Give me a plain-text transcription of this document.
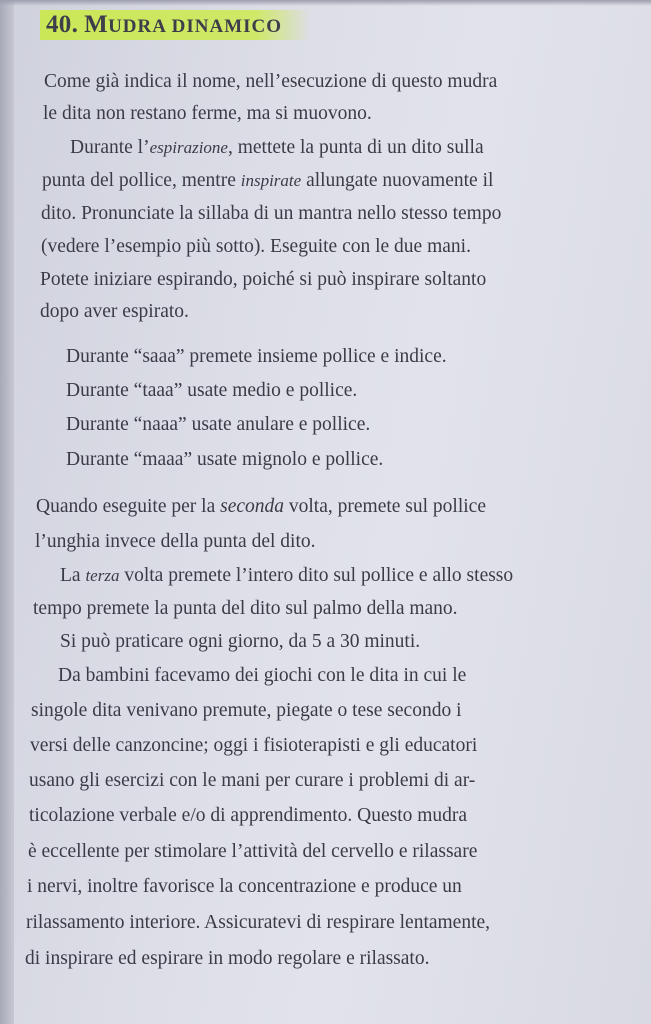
40. MUDRA DINAMICO
Come già indica il nome, nell’esecuzione di questo mudra
le dita non restano ferme, ma si muovono.
Durante l’espirazione, mettete la punta di un dito sulla
punta del pollice, mentre inspirate allungate nuovamente il
dito. Pronunciate la sillaba di un mantra nello stesso tempo
(vedere l’esempio più sotto). Eseguite con le due mani.
Potete iniziare espirando, poiché si può inspirare soltanto
dopo aver espirato.
Durante “saaa” premete insieme pollice e indice.
Durante “taaa” usate medio e pollice.
Durante “naaa” usate anulare e pollice.
Durante “maaa” usate mignolo e pollice.
Quando eseguite per la seconda volta, premete sul pollice
l’unghia invece della punta del dito.
La terza volta premete l’intero dito sul pollice e allo stesso
tempo premete la punta del dito sul palmo della mano.
Si può praticare ogni giorno, da 5 a 30 minuti.
Da bambini facevamo dei giochi con le dita in cui le
singole dita venivano premute, piegate o tese secondo i
versi delle canzoncine; oggi i fisioterapisti e gli educatori
usano gli esercizi con le mani per curare i problemi di ar-
ticolazione verbale e/o di apprendimento. Questo mudra
è eccellente per stimolare l’attività del cervello e rilassare
i nervi, inoltre favorisce la concentrazione e produce un
rilassamento interiore. Assicuratevi di respirare lentamente,
di inspirare ed espirare in modo regolare e rilassato.
